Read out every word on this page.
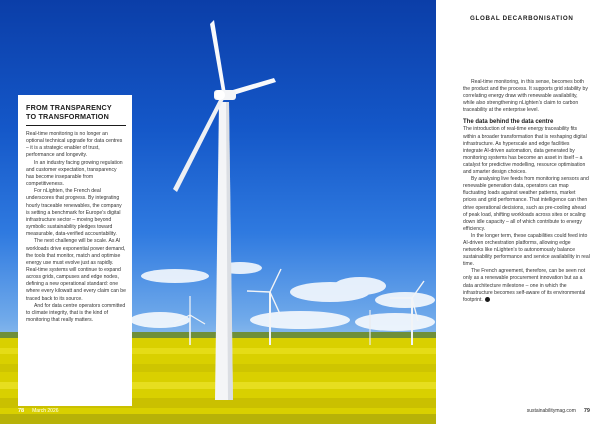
FROM TRANSPARENCY
TO TRANSFORMATION

Real-time monitoring is no longer an optional technical upgrade for data centres – it is a strategic enabler of trust, performance and longevity.

In an industry facing growing regulation and customer expectation, transparency has become inseparable from competitiveness.

For nLighten, the French deal underscores that progress. By integrating hourly traceable renewables, the company is setting a benchmark for Europe’s digital infrastructure sector – moving beyond symbolic sustainability pledges toward measurable, data-verified accountability.

The next challenge will be scale. As AI workloads drive exponential power demand, the tools that monitor, match and optimise energy use must evolve just as rapidly. Real-time systems will continue to expand across grids, campuses and edge nodes, defining a new operational standard: one where every kilowatt and every claim can be traced back to its source.

And for data centre operators committed to climate integrity, that is the kind of monitoring that really matters.

78 March 2026
GLOBAL DECARBONISATION

Real-time monitoring, in this sense, becomes both the product and the process. It supports grid stability by correlating energy draw with renewable availability, while also strengthening nLighten’s claim to carbon traceability at the enterprise level.

The data behind the data centre

The introduction of real-time energy traceability fits within a broader transformation that is reshaping digital infrastructure. As hyperscale and edge facilities integrate AI-driven automation, data generated by monitoring systems has become an asset in itself – a catalyst for predictive modelling, resource optimisation and smarter design choices.

By analysing live feeds from monitoring sensors and renewable generation data, operators can map fluctuating loads against weather patterns, market prices and grid performance. That intelligence can then drive operational decisions, such as pre-cooling ahead of peak load, shifting workloads across sites or scaling down idle capacity – all of which contribute to energy efficiency.

In the longer term, these capabilities could feed into AI-driven orchestration platforms, allowing edge networks like nLighten’s to autonomously balance sustainability performance and service availability in real time.

The French agreement, therefore, can be seen not only as a renewable procurement innovation but as a data architecture milestone – one in which the infrastructure becomes self-aware of its environmental footprint.

sustainabilitymag.com 79
